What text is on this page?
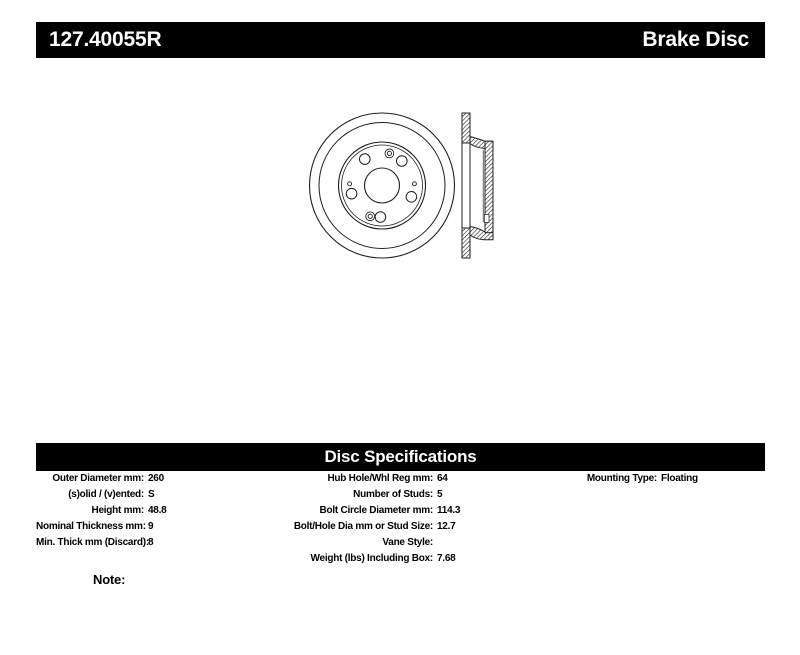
127.40055R	Brake Disc
Disc Specifications
Outer Diameter mm: 260
(s)olid / (v)ented: S
Height mm: 48.8
Nominal Thickness mm: 9
Min. Thick mm (Discard): 8
Hub Hole/Whl Reg mm: 64
Number of Studs: 5
Bolt Circle Diameter mm: 114.3
Bolt/Hole Dia mm or Stud Size: 12.7
Vane Style:
Weight (lbs) Including Box: 7.68
Mounting Type: Floating
Note:
